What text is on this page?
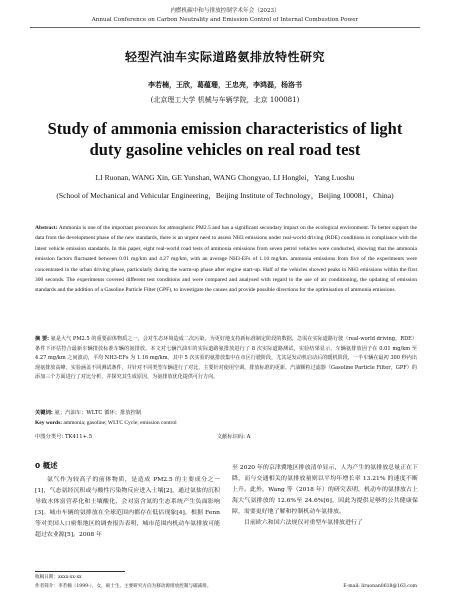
内燃机碳中和与排放控制学术年会（2023）
Annual Conference on Carbon Neutrality and Emission Control of Internal Combustion Power
轻型汽油车实际道路氨排放特性研究
李若楠，王欣，葛蕴珊，王忠亮，李鸿磊，杨洛书
(北京理工大学 机械与车辆学院，北京 100081)
Study of ammonia emission characteristics of light duty gasoline vehicles on real road test
LI Ruonan, WANG Xin, GE Yunshan, WANG Chongyao, LI Honglei，Yang Luoshu
(School of Mechanical and Vehicular Engineering，Beijing Institute of Technology，Beijing 100081，China)
Abstract: Ammonia is one of the important precursors for atmospheric PM2.5 and has a significant secondary impact on the ecological environment. To better support the data from the development phase of the new standards, there is an urgent need to assess NH3 emissions under real-world driving (RDE) conditions in compliance with the latest vehicle emission standards. In this paper, eight real-world road tests of ammonia emissions from seven petrol vehicles were conducted, showing that the ammonia emission factors fluctuated between 0.01 mg/km and 4.27 mg/km, with an average NH3-EFs of 1.16 mg/km. ammonia emissions from five of the experiments were concentrated in the urban driving phase, particularly during the warm-up phase after engine start-up. Half of the vehicles showed peaks in NH3 emissions within the first 300 seconds. The experiments covered different test conditions and were compared and analysed with regard to the use of air conditioning, the updating of emission standards and the addition of a Gasoline Particle Filter (GPF), to investigate the causes and provide possible directions for the optimisation of ammonia emissions.
摘 要: 氨是大气 PM2.5 的重要前体物质之一，会对生态环境造成二次污染。为更好地支持新标准制定阶段的数据，急需在实际道路行驶（real-world driving，RDE）条件下评估符合最新车辆排放标准车辆的氨排放。本文对七辆汽油车的实际道路氨排放进行了 8 次实际道路测试，实验结果显示，车辆氨排放因子在 0.01 mg/km 至 4.27 mg/km 之间波动，平均 NH3-EFs 为 1.16 mg/km。其中 5 次实验的氨排放集中在市区行驶阶段，尤其是发动机启动后的暖机阶段，一半车辆在最初 300 秒内出现氨排放高峰。实验涵盖不同测试条件，并针对不同类型车辆进行了对比，主要针对使用空调、排放标准的更新、汽油颗粒过滤器（Gasoline Particle Filter，GPF）的添加三个方面进行了对比分析，并探究其生成原因，为氨排放优化提供可行方向。
关键词: 氨；汽油车；WLTC 循环；排放控制
Key words: ammonia; gasoline; WLTC Cycle; emission control
中图分类号: TK411+.5	文献标识码: A
0 概述
氨气作为较高子的前体物质，是造成 PM2.5 的主要成分之一[1]，气态氨经沉积或与酸性污染物反应进入土壤[2]，通过氨盐的沉积导致水体富营养化和土壤酸化，会对富含氮的生态系统产生负面影响[3]。城市车辆的氨排放在全球范围内都存在低估现象[4]，根据 Fenn 等对美国人口密集地区的调查报告表明，城市范围内机动车氨排放可能超过农业源[5]。2008 年
至 2020 年的京津冀地区排放清单显示，人为产生的氨排放总量正在下降，而与交通相关的氨排放量则以平均年增长率 13.21% 的速度不断上升。此外，Wang 等（2018 年）的研究表明，机动车的氨排放占上海大气氨排放的 12.6%至 24.6%[6]，因此为提供足够的公共健康保障，需要更好地了解和控制机动车氨排放。
目前欧六和国六法规仅对重型车氨排放进行了
收稿日期：xxxx-xx-xx
作者简介：李若楠（1999-），女，硕士生，主要研究方向为移动源排放控制与碳减排。	E-mail: liruonan0618@163.com
